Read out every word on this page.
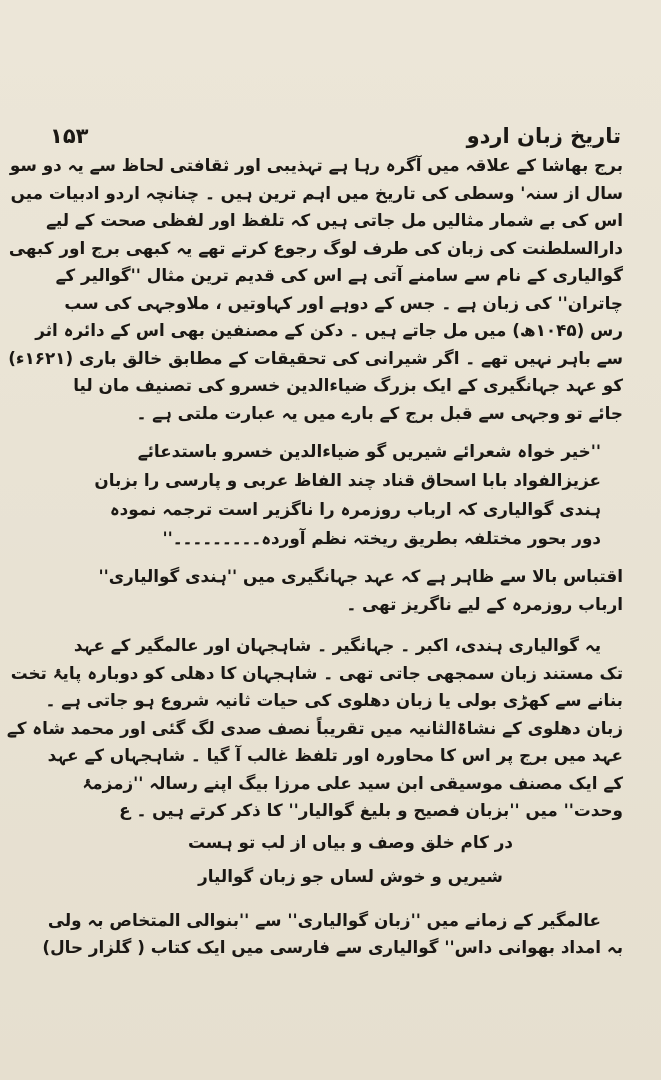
تاریخ زبان اردو
۱۵۳

برج بھاشا کے علاقہ میں آگرہ رہا ہے تہذیبی اور ثقافتی لحاظ سے یہ دو سو
سال از سنہ' وسطی کی تاریخ میں اہم ترین ہیں ۔ چنانچہ اردو ادبیات میں
اس کی بے شمار مثالیں مل جاتی ہیں کہ تلفظ اور لفظی صحت کے لیے
دارالسلطنت کی زبان کی طرف لوگ رجوع کرتے تھے یہ کبھی برج اور کبھی
گوالیاری کے نام سے سامنے آتی ہے اس کی قدیم ترین مثال ''گوالیر کے
چاتران'' کی زبان ہے ۔ جس کے دوہے اور کہاوتیں ، ملاوجہی کی سب
رس (۱۰۴۵ھ) میں مل جاتے ہیں ۔ دکن کے مصنفین بھی اس کے دائرہ اثر
سے باہر نہیں تھے ۔ اگر شیرانی کی تحقیقات کے مطابق خالق باری (۱۶۲۱ء)
کو عہد جہانگیری کے ایک بزرگ ضیاءالدین خسرو کی تصنیف مان لیا
جائے تو وجہی سے قبل برج کے بارے میں یہ عبارت ملتی ہے ۔

''خیر خواہ شعرائے شیریں گو ضیاءالدین خسرو باستدعائے
عزیزالفواد بابا اسحاق قناد چند الفاظ عربی و پارسی را بزبان
ہندی گوالیاری کہ ارباب روزمرہ را ناگزیر است ترجمہ نمودہ
دور بحور مختلفہ بطریق ریختہ نظم آوردہ۔۔۔۔۔۔۔۔۔''

اقتباس بالا سے ظاہر ہے کہ عہد جہانگیری میں ''ہندی گوالیاری''
ارباب روزمرہ کے لیے ناگریز تھی ۔

یہ گوالیاری ہندی، اکبر ۔ جہانگیر ۔ شاہجہان اور عالمگیر کے عہد
تک مستند زبان سمجھی جاتی تھی ۔ شاہجہان کا دھلی کو دوبارہ پایۂ تخت
بنانے سے کھڑی بولی یا زبان دھلوی کی حیات ثانیہ شروع ہو جاتی ہے ۔
زبان دھلوی کے نشاۃالثانیہ میں تقریباً نصف صدی لگ گئی اور محمد شاہ کے
عہد میں برج پر اس کا محاورہ اور تلفظ غالب آ گیا ۔ شاہجہاں کے عہد
کے ایک مصنف موسیقی ابن سید علی مرزا بیگ اپنے رسالہ ''زمزمۂ
وحدت'' میں ''بزبان فصیح و بلیغ گوالیار'' کا ذکر کرتے ہیں ۔ ع

در کام خلق وصف و بیاں از لب تو ہست
شیریں و خوش لساں جو زبان گوالیار

عالمگیر کے زمانے میں ''زبان گوالیاری'' سے ''بنوالی المتخاص بہ ولی
بہ امداد بھوانی داس'' گوالیاری سے فارسی میں ایک کتاب ( گلزار حال)
